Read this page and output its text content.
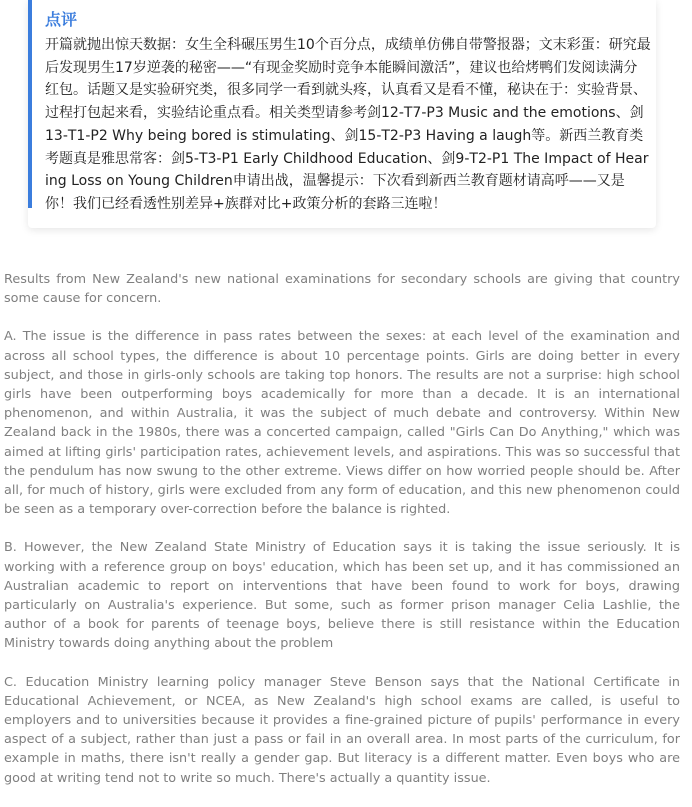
点评
开篇就抛出惊天数据：女生全科碾压男生10个百分点，成绩单仿佛自带警报器；文末彩蛋：研究最后发现男生17岁逆袭的秘密——“有现金奖励时竞争本能瞬间激活”，建议也给烤鸭们发阅读满分红包。话题又是实验研究类，很多同学一看到就头疼，认真看又是看不懂，秘诀在于：实验背景、过程打包起来看，实验结论重点看。相关类型请参考剑12-T7-P3 Music and the emotions、剑13-T1-P2 Why being bored is stimulating、剑15-T2-P3 Having a laugh等。新西兰教育类考题真是雅思常客：剑5-T3-P1 Early Childhood Education、剑9-T2-P1 The Impact of Hearing Loss on Young Children申请出战，温馨提示：下次看到新西兰教育题材请高呼——又是你！我们已经看透性别差异+族群对比+政策分析的套路三连啦！

Results from New Zealand's new national examinations for secondary schools are giving that country some cause for concern.

A. The issue is the difference in pass rates between the sexes: at each level of the examination and across all school types, the difference is about 10 percentage points. Girls are doing better in every subject, and those in girls-only schools are taking top honors. The results are not a surprise: high school girls have been outperforming boys academically for more than a decade. It is an international phenomenon, and within Australia, it was the subject of much debate and controversy. Within New Zealand back in the 1980s, there was a concerted campaign, called "Girls Can Do Anything," which was aimed at lifting girls' participation rates, achievement levels, and aspirations. This was so successful that the pendulum has now swung to the other extreme. Views differ on how worried people should be. After all, for much of history, girls were excluded from any form of education, and this new phenomenon could be seen as a temporary over-correction before the balance is righted.

B. However, the New Zealand State Ministry of Education says it is taking the issue seriously. It is working with a reference group on boys' education, which has been set up, and it has commissioned an Australian academic to report on interventions that have been found to work for boys, drawing particularly on Australia's experience. But some, such as former prison manager Celia Lashlie, the author of a book for parents of teenage boys, believe there is still resistance within the Education Ministry towards doing anything about the problem

C. Education Ministry learning policy manager Steve Benson says that the National Certificate in Educational Achievement, or NCEA, as New Zealand's high school exams are called, is useful to employers and to universities because it provides a fine-grained picture of pupils' performance in every aspect of a subject, rather than just a pass or fail in an overall area. In most parts of the curriculum, for example in maths, there isn't really a gender gap. But literacy is a different matter. Even boys who are good at writing tend not to write so much. There's actually a quantity issue.
